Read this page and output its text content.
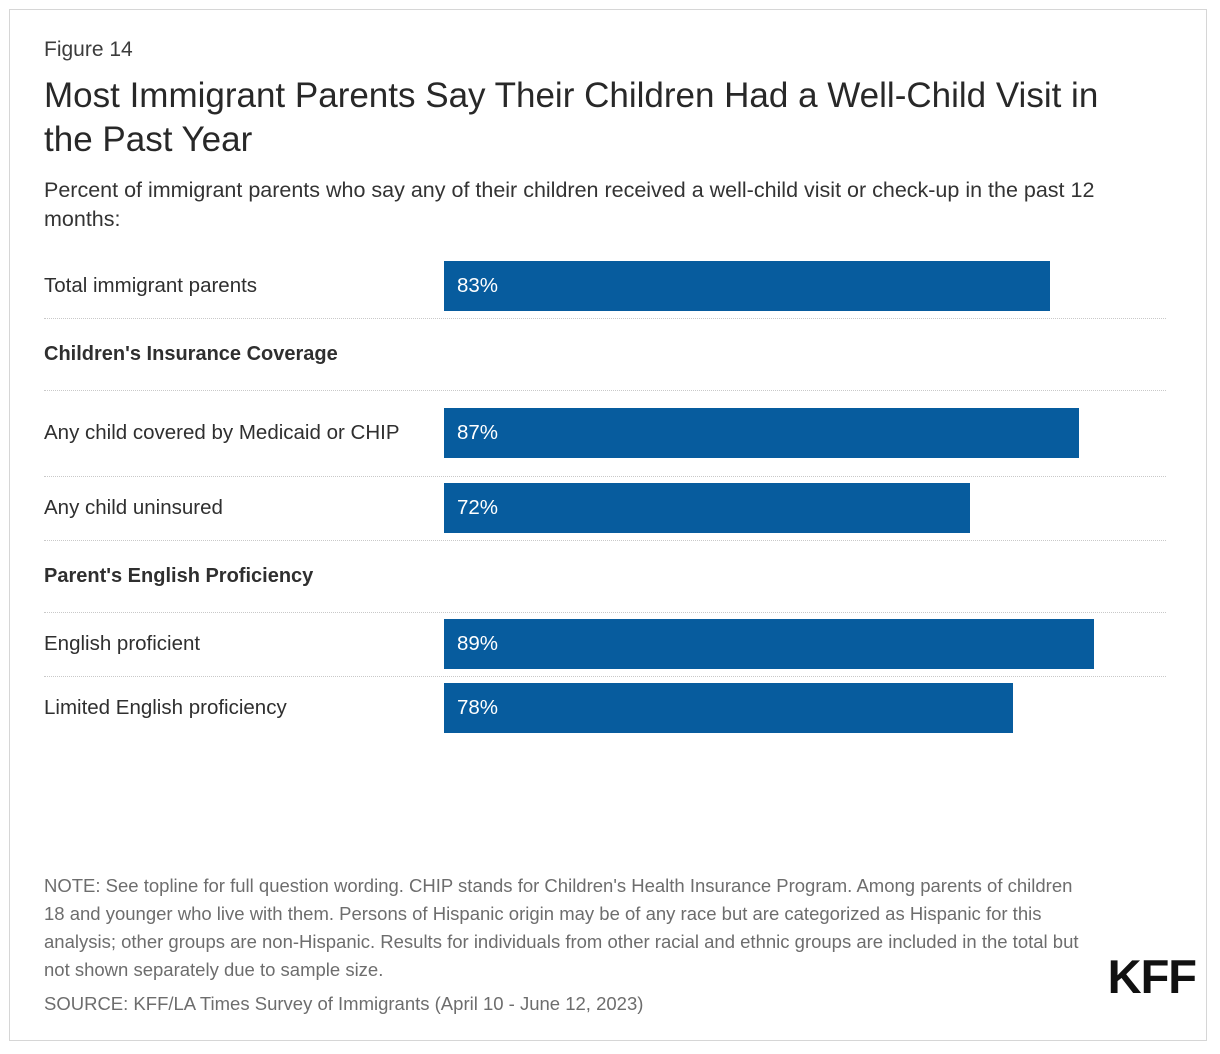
Figure 14
Most Immigrant Parents Say Their Children Had a Well-Child Visit in the Past Year
Percent of immigrant parents who say any of their children received a well-child visit or check-up in the past 12 months:
Total immigrant parents	83%
Children's Insurance Coverage
Any child covered by Medicaid or CHIP	87%
Any child uninsured	72%
Parent's English Proficiency
English proficient	89%
Limited English proficiency	78%
NOTE: See topline for full question wording. CHIP stands for Children's Health Insurance Program. Among parents of children 18 and younger who live with them. Persons of Hispanic origin may be of any race but are categorized as Hispanic for this analysis; other groups are non-Hispanic. Results for individuals from other racial and ethnic groups are included in the total but not shown separately due to sample size.
SOURCE: KFF/LA Times Survey of Immigrants (April 10 - June 12, 2023)
KFF
